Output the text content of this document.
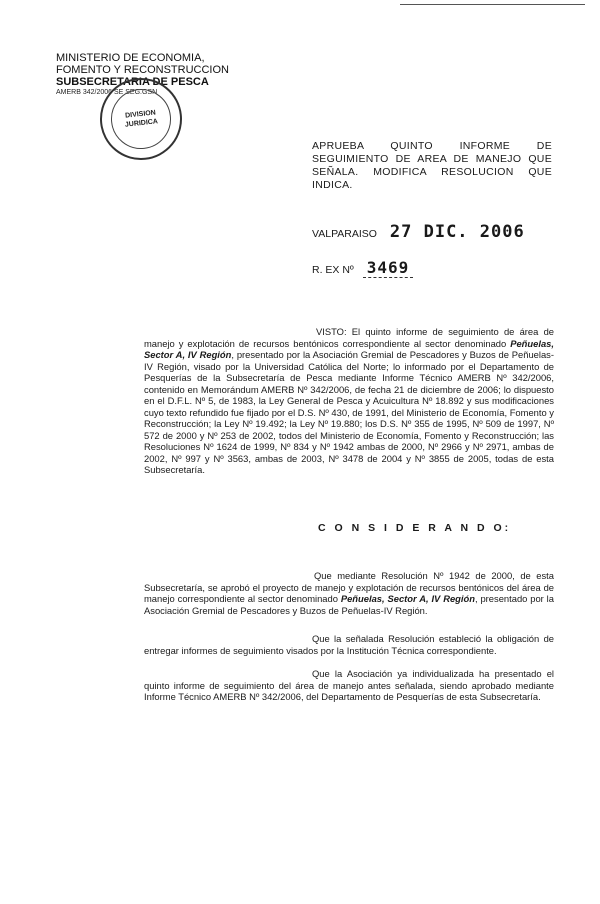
MINISTERIO DE ECONOMIA,
FOMENTO Y RECONSTRUCCION
SUBSECRETARIA DE PESCA
AMERB 342/2006 SE SEG.GSN
DIVISION
JURIDICA
APRUEBA QUINTO INFORME DE SEGUIMIENTO DE AREA DE MANEJO QUE SEÑALA. MODIFICA RESOLUCION QUE INDICA.
VALPARAISO 27 DIC. 2006
R. EX Nº 3469
VISTO: El quinto informe de seguimiento de área de manejo y explotación de recursos bentónicos correspondiente al sector denominado Peñuelas, Sector A, IV Región, presentado por la Asociación Gremial de Pescadores y Buzos de Peñuelas-IV Región, visado por la Universidad Católica del Norte; lo informado por el Departamento de Pesquerías de la Subsecretaría de Pesca mediante Informe Técnico AMERB Nº 342/2006, contenido en Memorándum AMERB Nº 342/2006, de fecha 21 de diciembre de 2006; lo dispuesto en el D.F.L. Nº 5, de 1983, la Ley General de Pesca y Acuicultura Nº 18.892 y sus modificaciones cuyo texto refundido fue fijado por el D.S. Nº 430, de 1991, del Ministerio de Economía, Fomento y Reconstrucción; la Ley Nº 19.492; la Ley Nº 19.880; los D.S. Nº 355 de 1995, Nº 509 de 1997, Nº 572 de 2000 y Nº 253 de 2002, todos del Ministerio de Economía, Fomento y Reconstrucción; las Resoluciones Nº 1624 de 1999, Nº 834 y Nº 1942 ambas de 2000, Nº 2966 y Nº 2971, ambas de 2002, Nº 997 y Nº 3563, ambas de 2003, Nº 3478 de 2004 y Nº 3855 de 2005, todas de esta Subsecretaría.
C O N S I D E R A N D O:
Que mediante Resolución Nº 1942 de 2000, de esta Subsecretaría, se aprobó el proyecto de manejo y explotación de recursos bentónicos del área de manejo correspondiente al sector denominado Peñuelas, Sector A, IV Región, presentado por la Asociación Gremial de Pescadores y Buzos de Peñuelas-IV Región.
Que la señalada Resolución estableció la obligación de entregar informes de seguimiento visados por la Institución Técnica correspondiente.
Que la Asociación ya individualizada ha presentado el quinto informe de seguimiento del área de manejo antes señalada, siendo aprobado mediante Informe Técnico AMERB Nº 342/2006, del Departamento de Pesquerías de esta Subsecretaría.
